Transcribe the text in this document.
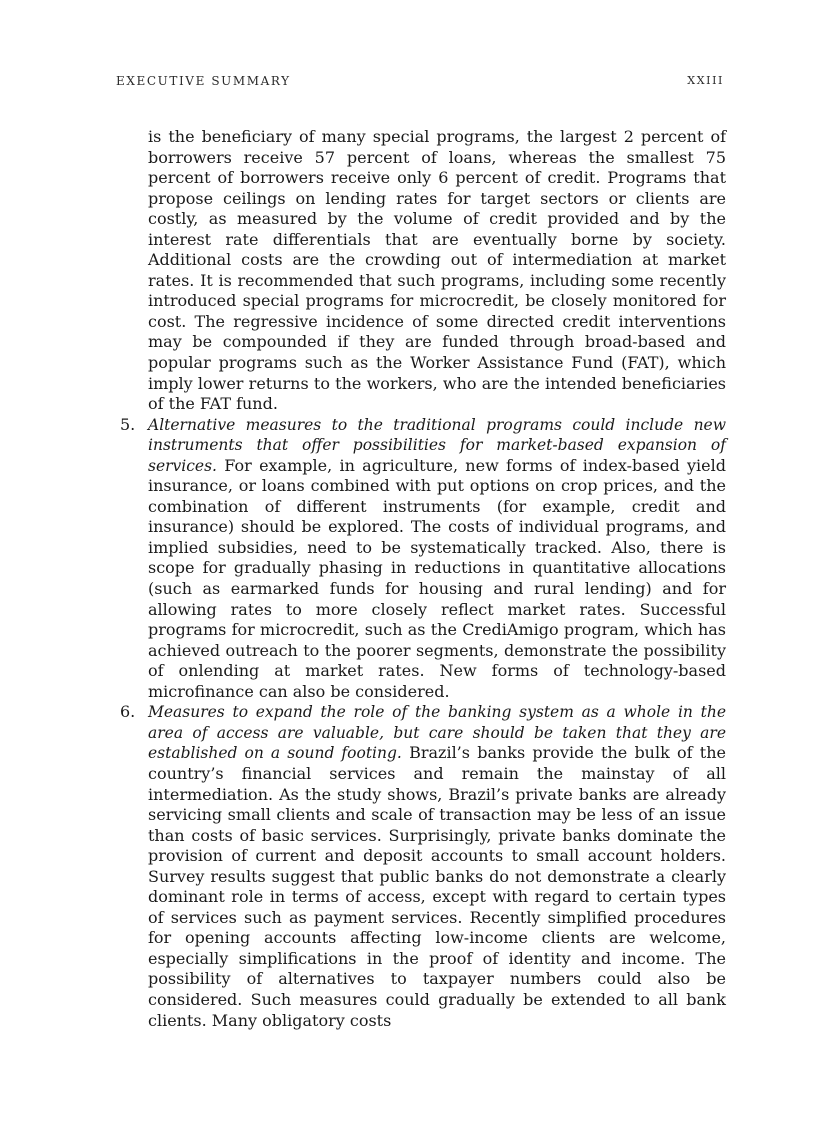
EXECUTIVE SUMMARY	XXIII

is the beneficiary of many special programs, the largest 2 percent of borrowers receive 57 percent of loans, whereas the smallest 75 percent of borrowers receive only 6 percent of credit. Programs that propose ceilings on lending rates for target sectors or clients are costly, as measured by the volume of credit provided and by the interest rate differentials that are eventually borne by society. Additional costs are the crowding out of intermediation at market rates. It is recommended that such programs, including some recently introduced special programs for microcredit, be closely monitored for cost. The regressive incidence of some directed credit interventions may be compounded if they are funded through broad-based and popular programs such as the Worker Assistance Fund (FAT), which imply lower returns to the workers, who are the intended beneficiaries of the FAT fund.

5. Alternative measures to the traditional programs could include new instruments that offer possibilities for market-based expansion of services. For example, in agriculture, new forms of index-based yield insurance, or loans combined with put options on crop prices, and the combination of different instruments (for example, credit and insurance) should be explored. The costs of individual programs, and implied subsidies, need to be systematically tracked. Also, there is scope for gradually phasing in reductions in quantitative allocations (such as earmarked funds for housing and rural lending) and for allowing rates to more closely reflect market rates. Successful programs for microcredit, such as the CrediAmigo program, which has achieved outreach to the poorer segments, demonstrate the possibility of onlending at market rates. New forms of technology-based microfinance can also be considered.

6. Measures to expand the role of the banking system as a whole in the area of access are valuable, but care should be taken that they are established on a sound footing. Brazil’s banks provide the bulk of the country’s financial services and remain the mainstay of all intermediation. As the study shows, Brazil’s private banks are already servicing small clients and scale of transaction may be less of an issue than costs of basic services. Surprisingly, private banks dominate the provision of current and deposit accounts to small account holders. Survey results suggest that public banks do not demonstrate a clearly dominant role in terms of access, except with regard to certain types of services such as payment services. Recently simplified procedures for opening accounts affecting low-income clients are welcome, especially simplifications in the proof of identity and income. The possibility of alternatives to taxpayer numbers could also be considered. Such measures could gradually be extended to all bank clients. Many obligatory costs
